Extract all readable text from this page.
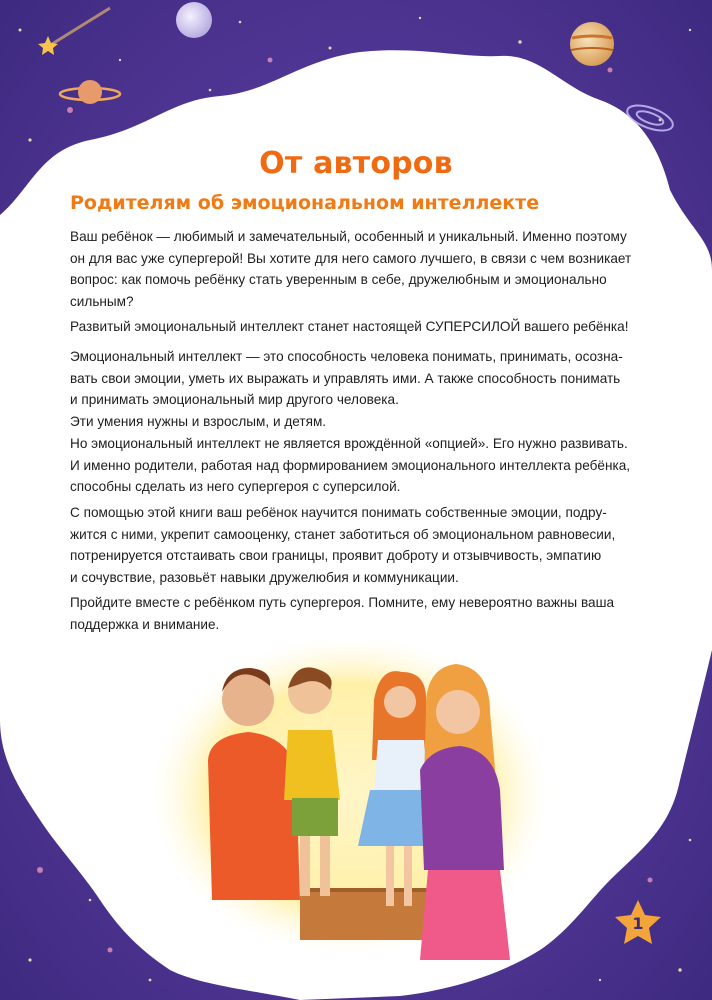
От авторов
Родителям об эмоциональном интеллекте

Ваш ребёнок — любимый и замечательный, особенный и уникальный. Именно поэтому
он для вас уже супергерой! Вы хотите для него самого лучшего, в связи с чем возникает
вопрос: как помочь ребёнку стать уверенным в себе, дружелюбным и эмоционально
сильным?

Развитый эмоциональный интеллект станет настоящей СУПЕРСИЛОЙ вашего ребёнка!

Эмоциональный интеллект — это способность человека понимать, принимать, осозна-
вать свои эмоции, уметь их выражать и управлять ими. А также способность понимать
и принимать эмоциональный мир другого человека.
Эти умения нужны и взрослым, и детям.

Но эмоциональный интеллект не является врождённой «опцией». Его нужно развивать.
И именно родители, работая над формированием эмоционального интеллекта ребёнка,
способны сделать из него супергероя с суперсилой.

С помощью этой книги ваш ребёнок научится понимать собственные эмоции, подру-
жится с ними, укрепит самооценку, станет заботиться об эмоциональном равновесии,
потренируется отстаивать свои границы, проявит доброту и отзывчивость, эмпатию
и сочувствие, разовьёт навыки дружелюбия и коммуникации.

Пройдите вместе с ребёнком путь супергероя. Помните, ему невероятно важны ваша
поддержка и внимание.

1
